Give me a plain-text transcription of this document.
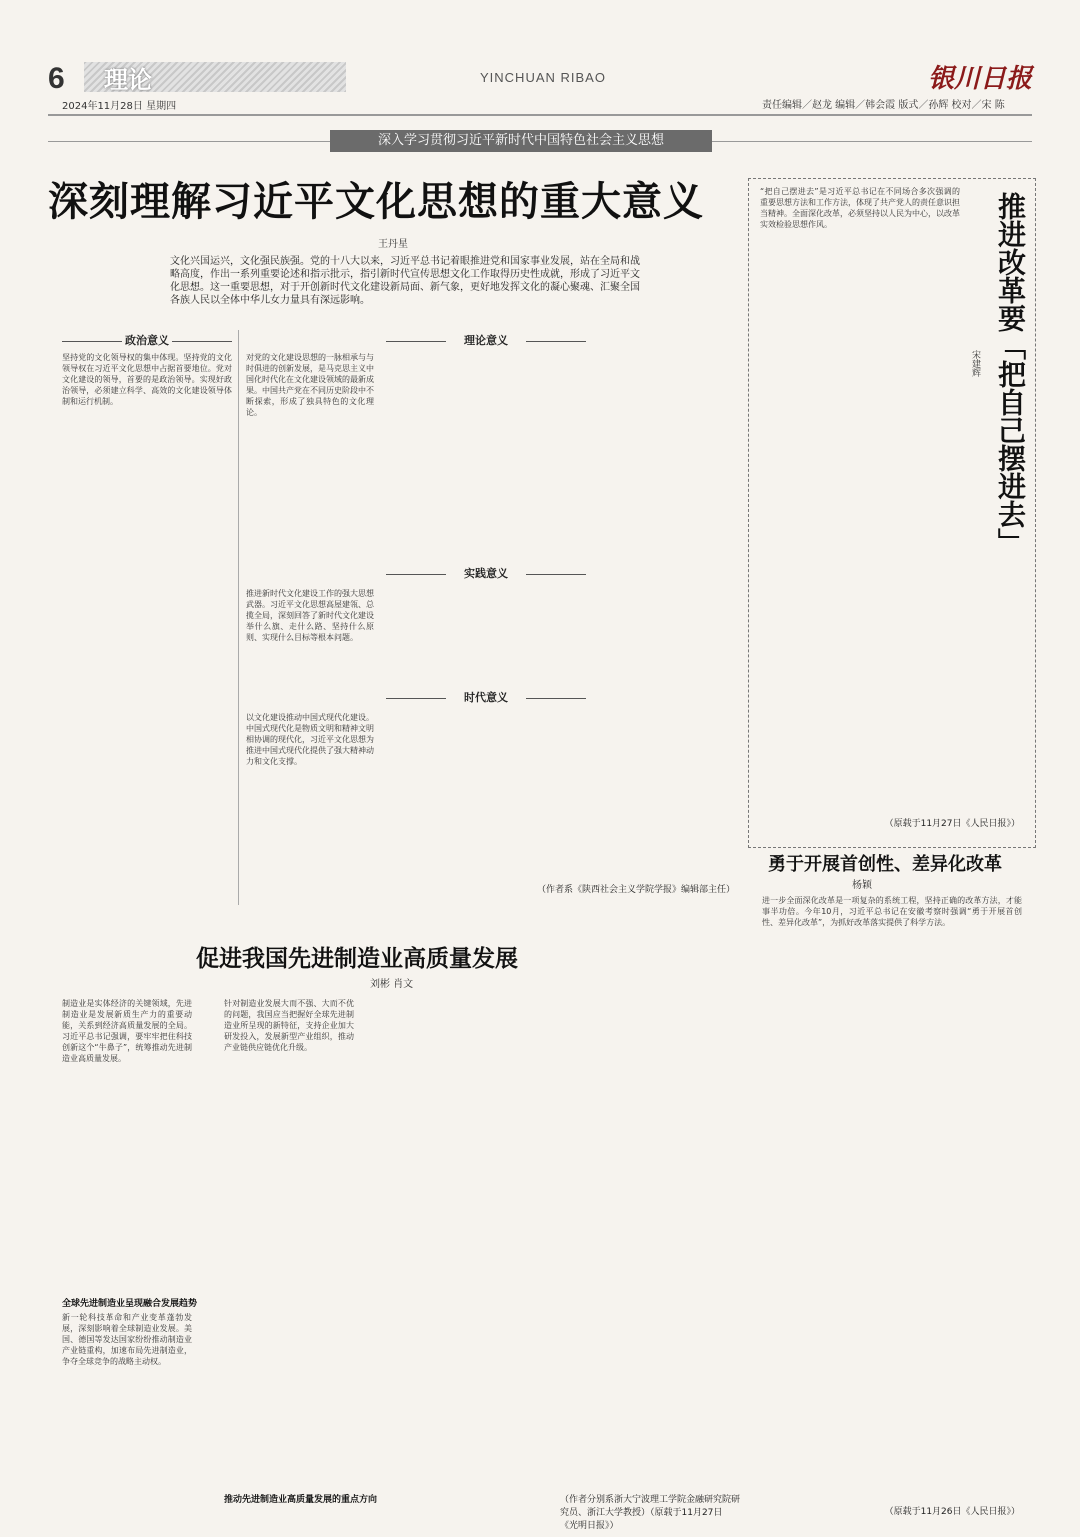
6 理论
2024年11月28日 星期四
YINCHUAN RIBAO	银川日报
责任编辑／赵龙 编辑／韩会霞 版式／孙辉 校对／宋 陈
深入学习贯彻习近平新时代中国特色社会主义思想
深刻理解习近平文化思想的重大意义
王丹星
文化兴国运兴，文化强民族强。党的十八大以来，习近平总书记着眼推进党和国家事业发展，站在全局和战略高度，作出一系列重要论述和指示批示，指引新时代宣传思想文化工作取得历史性成就，形成了习近平文化思想。这一重要思想，对于开创新时代文化建设新局面、新气象，更好地发挥文化的凝心聚魂、汇聚全国各族人民以全体中华儿女力量具有深远影响。
政治意义	理论意义
实践意义
时代意义
坚持党的文化领导权的集中体现。坚持党的文化领导权在习近平文化思想中占据首要地位。党对文化建设的领导，首要的是政治领导。实现好政治领导，必须建立科学、高效的文化建设领导体制和运行机制。
对党的文化建设思想的一脉相承与与时俱进的创新发展，是马克思主义中国化时代化在文化建设领域的最新成果。中国共产党在不同历史阶段中不断探索，形成了独具特色的文化理论。
推进新时代文化建设工作的强大思想武器。习近平文化思想高屋建瓴、总揽全局，深刻回答了新时代文化建设举什么旗、走什么路、坚持什么原则、实现什么目标等根本问题。
以文化建设推动中国式现代化建设。中国式现代化是物质文明和精神文明相协调的现代化，习近平文化思想为推进中国式现代化提供了强大精神动力和文化支撑。
（作者系《陕西社会主义学院学报》编辑部主任）
推进改革要「把自己摆进去」
宋建辉
“把自己摆进去”是习近平总书记在不同场合多次强调的重要思想方法和工作方法，体现了共产党人的责任意识担当精神。全面深化改革，必须坚持以人民为中心，以改革实效检验思想作风。
（原载于11月27日《人民日报》）
勇于开展首创性、差异化改革
杨颖
进一步全面深化改革是一项复杂的系统工程，坚持正确的改革方法，才能事半功倍。今年10月，习近平总书记在安徽考察时强调“勇于开展首创性、差异化改革”，为抓好改革落实提供了科学方法。
（原载于11月26日《人民日报》）
促进我国先进制造业高质量发展
刘彬 肖文
制造业是实体经济的关键领域，先进制造业是发展新质生产力的重要动能，关系到经济高质量发展的全局。习近平总书记强调，要牢牢把住科技创新这个“牛鼻子”，统筹推动先进制造业高质量发展。
全球先进制造业呈现融合发展趋势
新一轮科技革命和产业变革蓬勃发展，深刻影响着全球制造业发展。美国、德国等发达国家纷纷推动制造业产业链重构，加速布局先进制造业，争夺全球竞争的战略主动权。
推动先进制造业高质量发展的重点方向
针对制造业发展大而不强、大而不优的问题，我国应当把握好全球先进制造业所呈现的新特征，支持企业加大研发投入，发展新型产业组织，推动产业链供应链优化升级。
（作者分别系浙大宁波理工学院金融研究院研究员、浙江大学教授）（原载于11月27日《光明日报》）
